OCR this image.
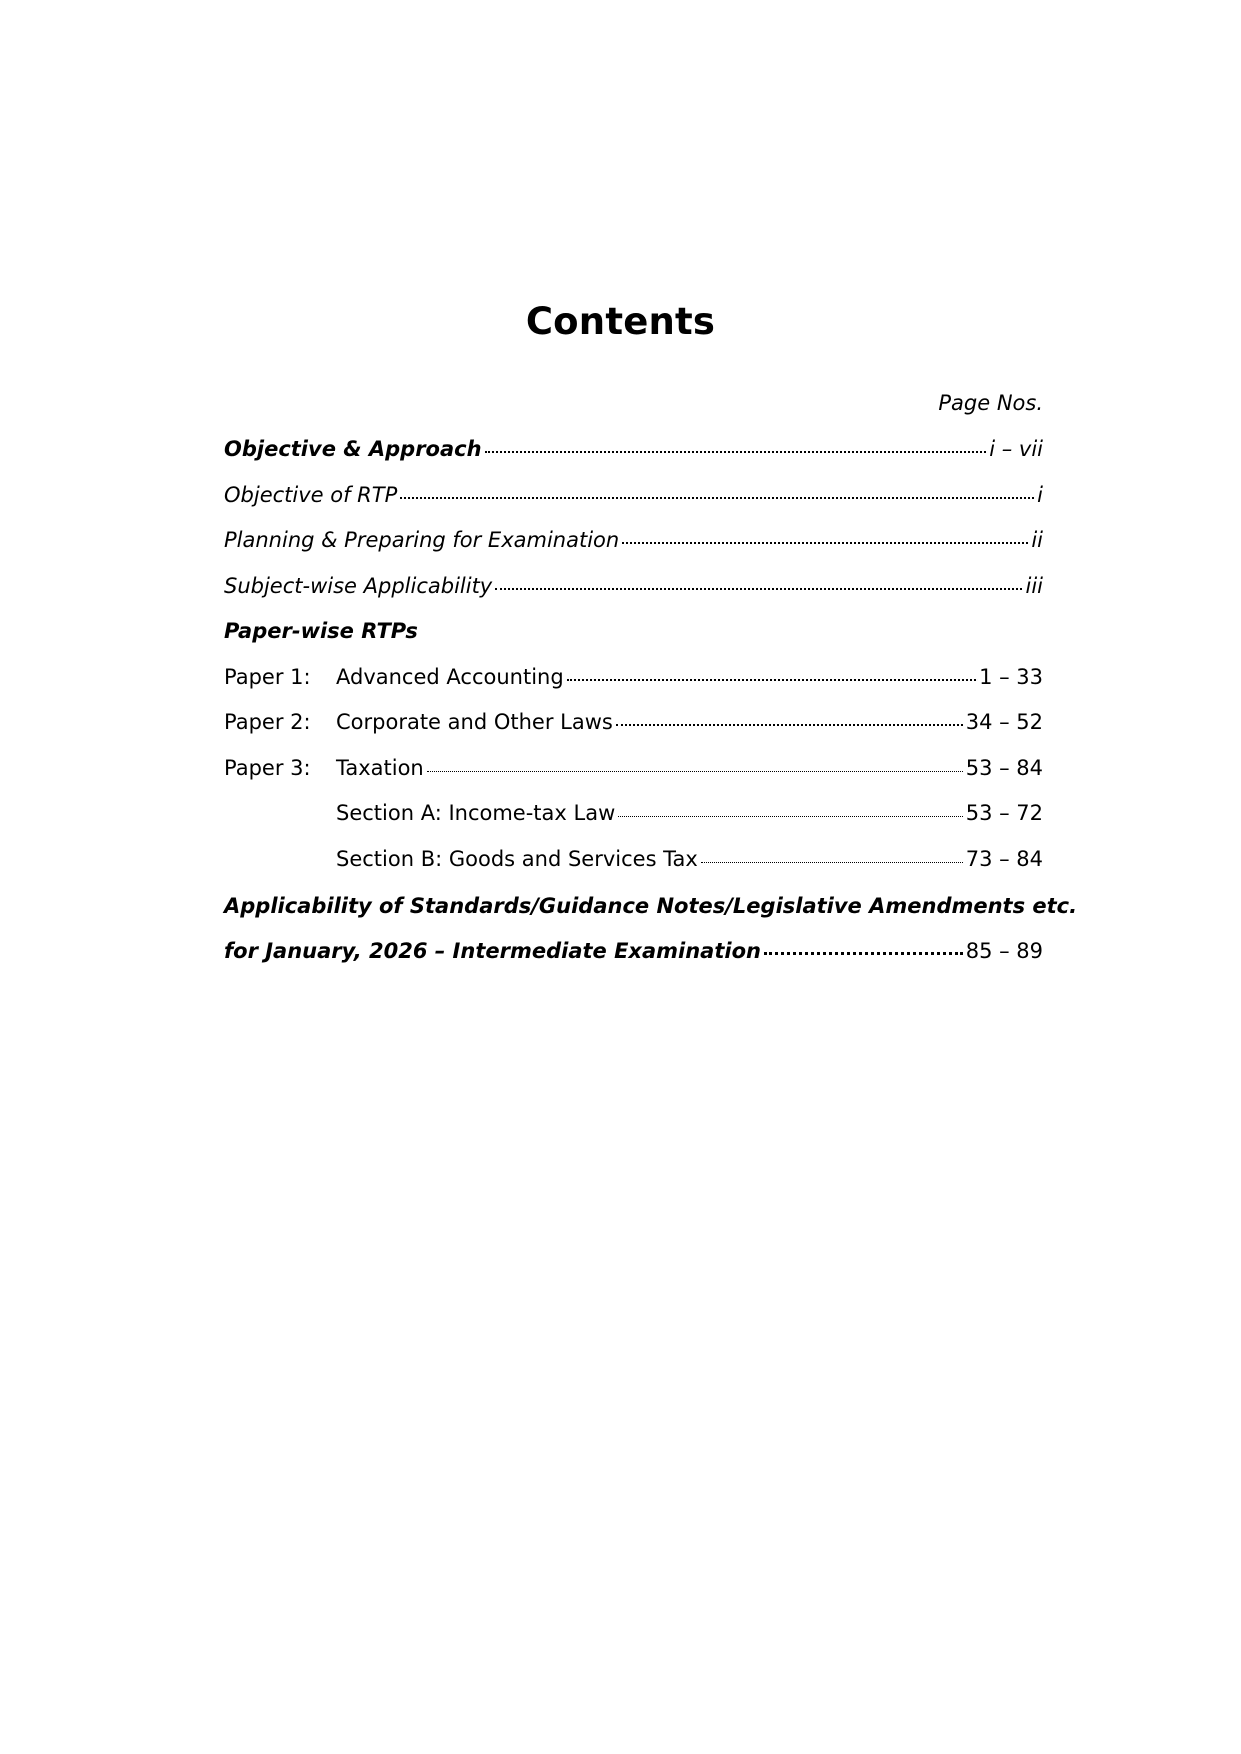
Contents
Page Nos.
Objective & Approach	i – vii
Objective of RTP	i
Planning & Preparing for Examination	ii
Subject-wise Applicability	iii
Paper-wise RTPs
Paper 1:	Advanced Accounting	1 – 33
Paper 2:	Corporate and Other Laws	34 – 52
Paper 3:	Taxation	53 – 84
Section A: Income-tax Law	53 – 72
Section B: Goods and Services Tax	73 – 84
Applicability of Standards/Guidance Notes/Legislative Amendments etc.
for January, 2026 – Intermediate Examination	85 – 89
